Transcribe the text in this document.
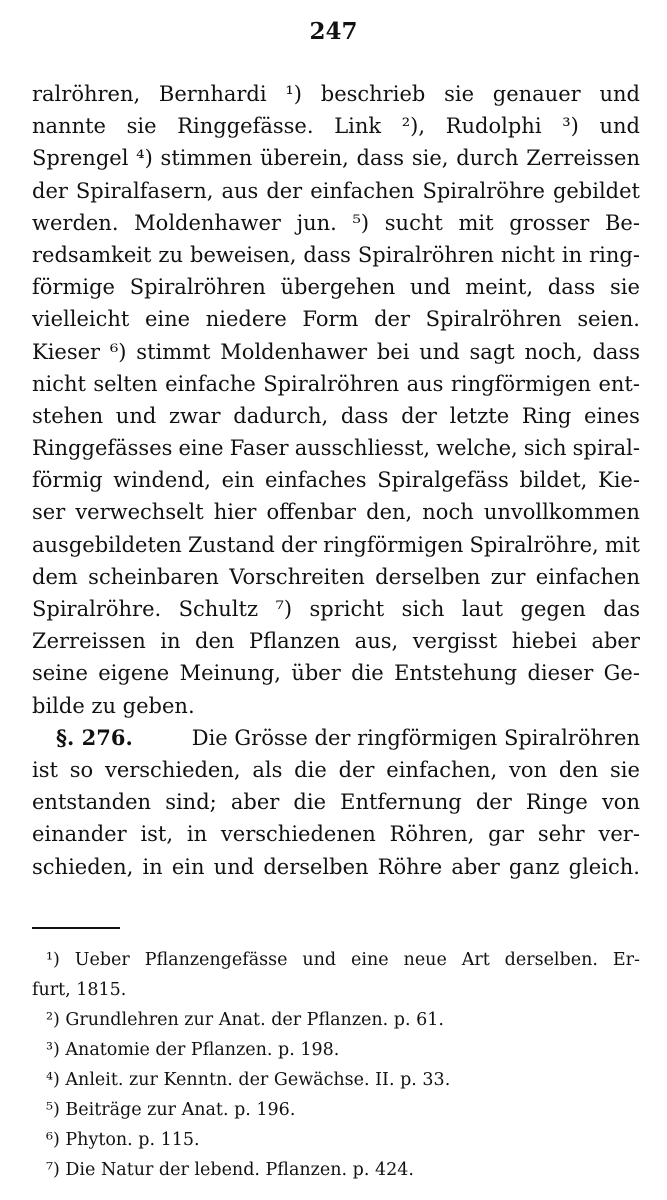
247
ralröhren, Bernhardi ¹) beschrieb sie genauer und
nannte sie Ringgefässe. Link ²), Rudolphi ³) und
Sprengel ⁴) stimmen überein, dass sie, durch Zerreissen
der Spiralfasern, aus der einfachen Spiralröhre gebildet
werden. Moldenhawer jun. ⁵) sucht mit grosser Be-
redsamkeit zu beweisen, dass Spiralröhren nicht in ring-
förmige Spiralröhren übergehen und meint, dass sie
vielleicht eine niedere Form der Spiralröhren seien.
Kieser ⁶) stimmt Moldenhawer bei und sagt noch, dass
nicht selten einfache Spiralröhren aus ringförmigen ent-
stehen und zwar dadurch, dass der letzte Ring eines
Ringgefässes eine Faser ausschliesst, welche, sich spiral-
förmig windend, ein einfaches Spiralgefäss bildet, Kie-
ser verwechselt hier offenbar den, noch unvollkommen
ausgebildeten Zustand der ringförmigen Spiralröhre, mit
dem scheinbaren Vorschreiten derselben zur einfachen
Spiralröhre. Schultz ⁷) spricht sich laut gegen das
Zerreissen in den Pflanzen aus, vergisst hiebei aber
seine eigene Meinung, über die Entstehung dieser Ge-
bilde zu geben.
§. 276.	Die Grösse der ringförmigen Spiralröhren
ist so verschieden, als die der einfachen, von den sie
entstanden sind; aber die Entfernung der Ringe von
einander ist, in verschiedenen Röhren, gar sehr ver-
schieden, in ein und derselben Röhre aber ganz gleich.
¹) Ueber Pflanzengefässe und eine neue Art derselben. Er-
furt, 1815.
²) Grundlehren zur Anat. der Pflanzen. p. 61.
³) Anatomie der Pflanzen. p. 198.
⁴) Anleit. zur Kenntn. der Gewächse. II. p. 33.
⁵) Beiträge zur Anat. p. 196.
⁶) Phyton. p. 115.
⁷) Die Natur der lebend. Pflanzen. p. 424.
